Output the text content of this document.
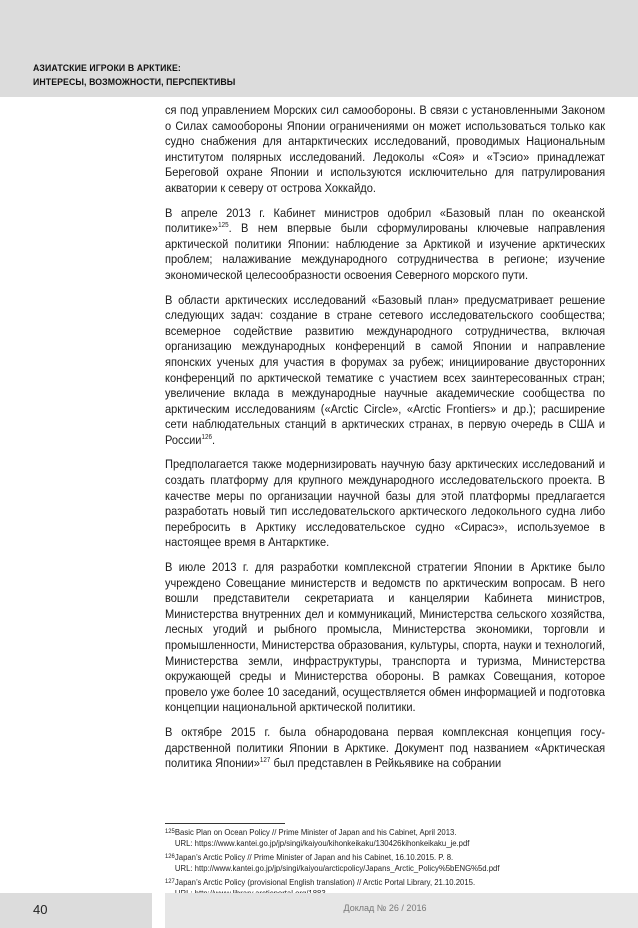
АЗИАТСКИЕ ИГРОКИ В АРКТИКЕ:
ИНТЕРЕСЫ, ВОЗМОЖНОСТИ, ПЕРСПЕКТИВЫ

ся под управлением Морских сил самообороны. В связи с установленными Законом о Силах самообороны Японии ограничениями он может использоваться только как судно снабжения для антарктических исследований, проводимых Национальным институтом полярных исследований. Ледоколы «Соя» и «Тэсио» принадлежат Береговой охране Японии и используются исключительно для патрулирования акватории к северу от острова Хоккайдо.

В апреле 2013 г. Кабинет министров одобрил «Базовый план по океанской политике»$^{125}$. В нем впервые были сформулированы ключевые направления арктической политики Японии: наблюдение за Арктикой и изучение арктических проблем; налаживание международного сотрудничества в регионе; изучение экономической целесообразности освоения Северного морского пути.

В области арктических исследований «Базовый план» предусматривает решение следующих задач: создание в стране сетевого исследовательского сообщества; всемерное содействие развитию международного сотрудничества, включая организацию международных конференций в самой Японии и направление японских ученых для участия в форумах за рубеж; инициирование двусторонних конференций по арктической тематике с участием всех заинтересованных стран; увеличение вклада в международные научные академические сообщества по арктическим исследованиям («Arctic Circle», «Arctic Frontiers» и др.); расширение сети наблюдательных станций в арктических странах, в первую очередь в США и России$^{126}$.

Предполагается также модернизировать научную базу арктических исследований и создать платформу для крупного международного исследовательского проекта. В качестве меры по организации научной базы для этой платформы предлагается разработать новый тип исследовательского арктического ледокольного судна либо перебросить в Арктику исследовательское судно «Сирасэ», используемое в настоящее время в Антарктике.

В июле 2013 г. для разработки комплексной стратегии Японии в Арктике было учреждено Совещание министерств и ведомств по арктическим вопросам. В него вошли представители секретариата и канцелярии Кабинета министров, Министерства внутренних дел и коммуникаций, Министерства сельского хозяйства, лесных угодий и рыбного промысла, Министерства экономики, торговли и промышленности, Министерства образования, культуры, спорта, науки и технологий, Министерства земли, инфраструктуры, транспорта и туризма, Министерства окружающей среды и Министерства обороны. В рамках Совещания, которое провело уже более 10 заседаний, осуществляется обмен информацией и подготовка концепции национальной арктической политики.

В октябре 2015 г. была обнародована первая комплексная концепция государственной политики Японии в Арктике. Документ под названием «Арктическая политика Японии»$^{127}$ был представлен в Рейкьявике на собрании

125 Basic Plan on Ocean Policy // Prime Minister of Japan and his Cabinet, April 2013.
URL: https://www.kantei.go.jp/jp/singi/kaiyou/kihonkeikaku/130426kihonkeikaku_je.pdf
126 Japan’s Arctic Policy // Prime Minister of Japan and his Cabinet, 16.10.2015. P. 8.
URL: http://www.kantei.go.jp/jp/singi/kaiyou/arcticpolicy/Japans_Arctic_Policy%5bENG%5d.pdf
127 Japan’s Arctic Policy (provisional English translation) // Arctic Portal Library, 21.10.2015.
40	Доклад № 26 / 2016
